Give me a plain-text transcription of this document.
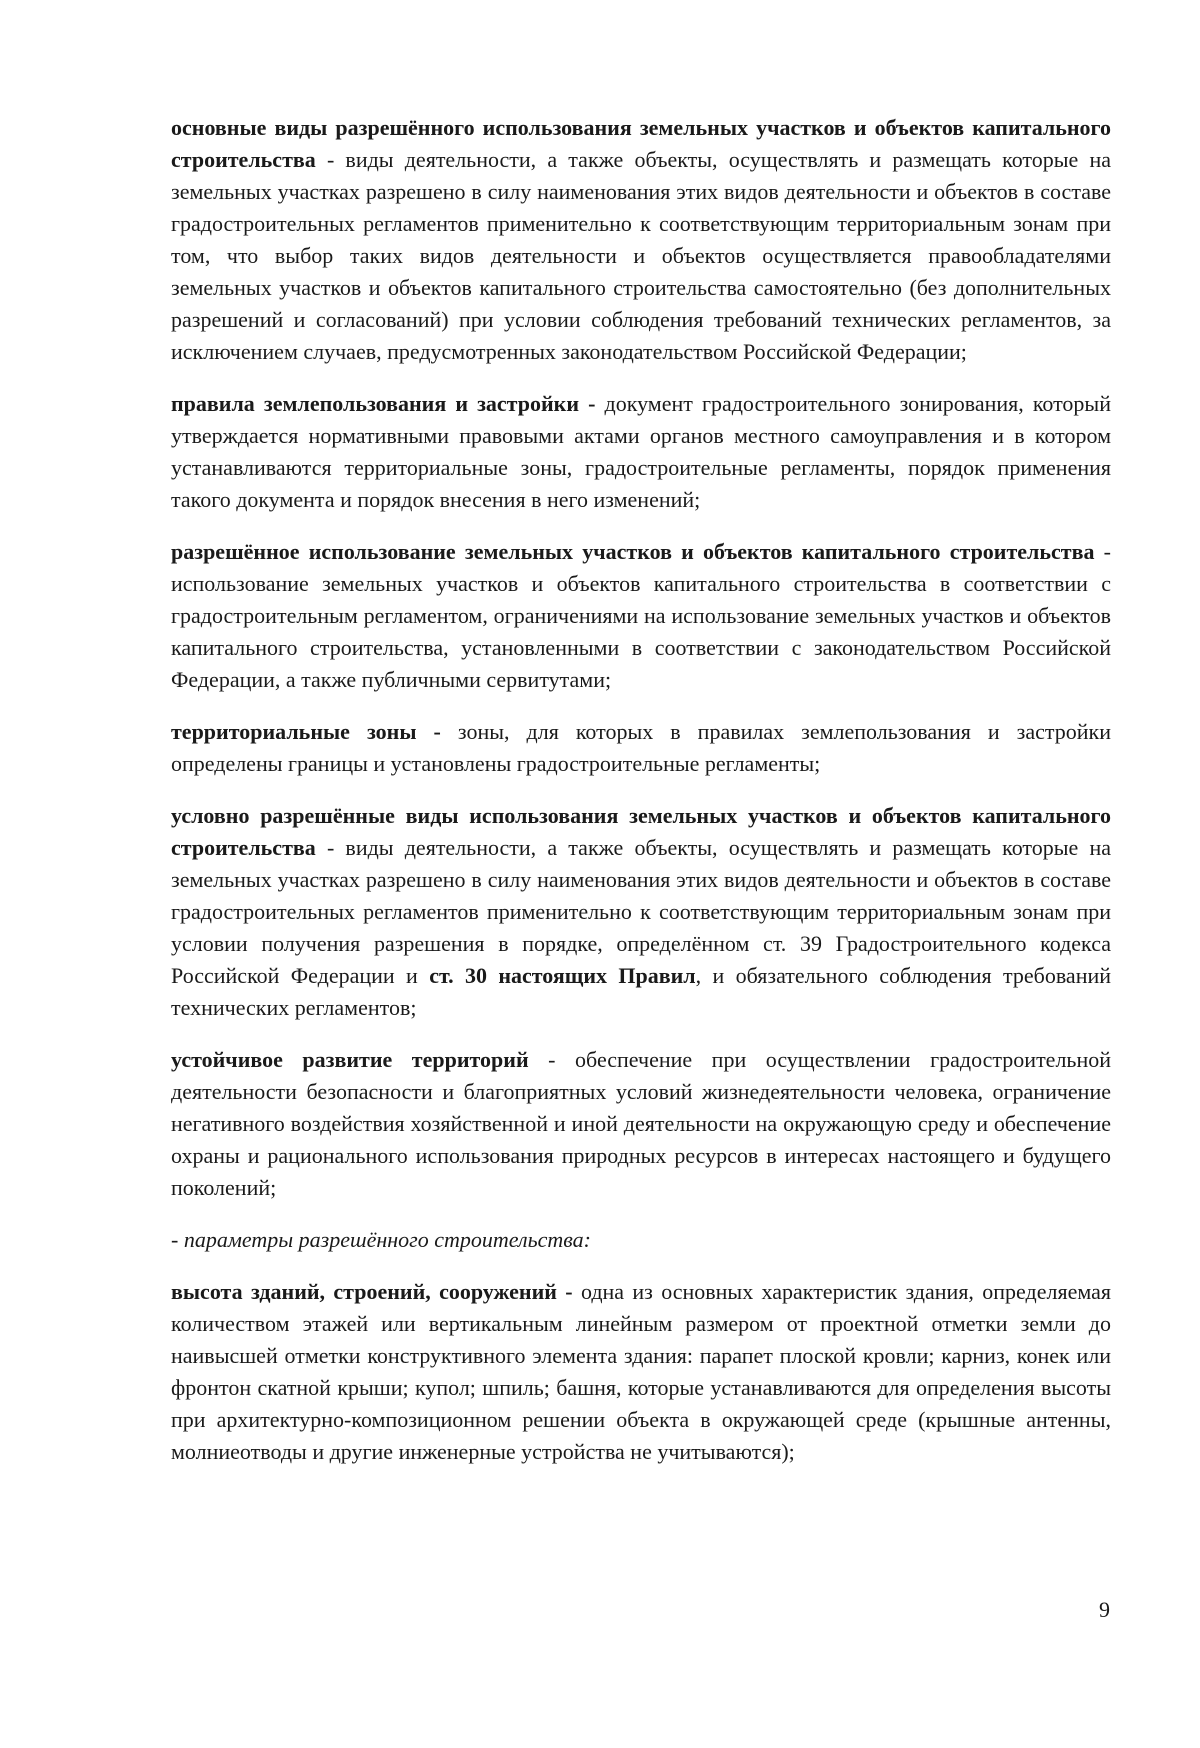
основные виды разрешённого использования земельных участков и объектов капитального строительства - виды деятельности, а также объекты, осуществлять и размещать которые на земельных участках разрешено в силу наименования этих видов деятельности и объектов в составе градостроительных регламентов применительно к соответствующим территориальным зонам при том, что выбор таких видов деятельности и объектов осуществляется правообладателями земельных участков и объектов капитального строительства самостоятельно (без дополнительных разрешений и согласований) при условии соблюдения требований технических регламентов, за исключением случаев, предусмотренных законодательством Российской Федерации;

правила землепользования и застройки - документ градостроительного зонирования, который утверждается нормативными правовыми актами органов местного самоуправления и в котором устанавливаются территориальные зоны, градостроительные регламенты, порядок применения такого документа и порядок внесения в него изменений;

разрешённое использование земельных участков и объектов капитального строительства - использование земельных участков и объектов капитального строительства в соответствии с градостроительным регламентом, ограничениями на использование земельных участков и объектов капитального строительства, установленными в соответствии с законодательством Российской Федерации, а также публичными сервитутами;

территориальные зоны - зоны, для которых в правилах землепользования и застройки определены границы и установлены градостроительные регламенты;

условно разрешённые виды использования земельных участков и объектов капитального строительства - виды деятельности, а также объекты, осуществлять и размещать которые на земельных участках разрешено в силу наименования этих видов деятельности и объектов в составе градостроительных регламентов применительно к соответствующим территориальным зонам при условии получения разрешения в порядке, определённом ст. 39 Градостроительного кодекса Российской Федерации и ст. 30 настоящих Правил, и обязательного соблюдения требований технических регламентов;

устойчивое развитие территорий - обеспечение при осуществлении градостроительной деятельности безопасности и благоприятных условий жизнедеятельности человека, ограничение негативного воздействия хозяйственной и иной деятельности на окружающую среду и обеспечение охраны и рационального использования природных ресурсов в интересах настоящего и будущего поколений;

- параметры разрешённого строительства:

высота зданий, строений, сооружений - одна из основных характеристик здания, определяемая количеством этажей или вертикальным линейным размером от проектной отметки земли до наивысшей отметки конструктивного элемента здания: парапет плоской кровли; карниз, конек или фронтон скатной крыши; купол; шпиль; башня, которые устанавливаются для определения высоты при архитектурно-композиционном решении объекта в окружающей среде (крышные антенны, молниеотводы и другие инженерные устройства не учитываются);

9
